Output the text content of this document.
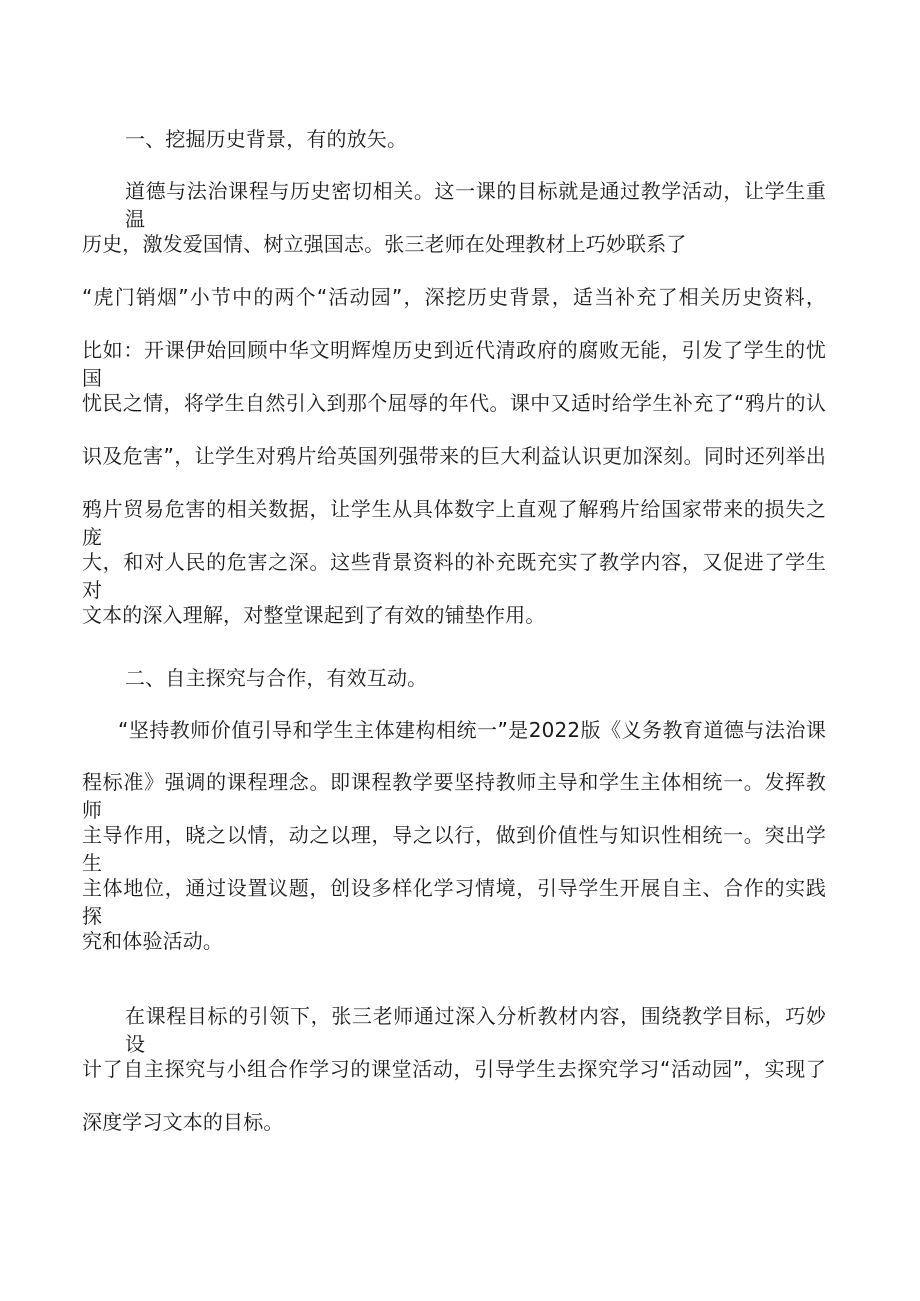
一、挖掘历史背景，有的放矢。
道德与法治课程与历史密切相关。这一课的目标就是通过教学活动，让学生重温
历史，激发爱国情、树立强国志。张三老师在处理教材上巧妙联系了
“虎门销烟”小节中的两个“活动园”，深挖历史背景，适当补充了相关历史资料，
比如：开课伊始回顾中华文明辉煌历史到近代清政府的腐败无能，引发了学生的忧国
忧民之情，将学生自然引入到那个屈辱的年代。课中又适时给学生补充了“鸦片的认
识及危害”，让学生对鸦片给英国列强带来的巨大利益认识更加深刻。同时还列举出
鸦片贸易危害的相关数据，让学生从具体数字上直观了解鸦片给国家带来的损失之庞
大，和对人民的危害之深。这些背景资料的补充既充实了教学内容，又促进了学生对
文本的深入理解，对整堂课起到了有效的铺垫作用。
二、自主探究与合作，有效互动。
“坚持教师价值引导和学生主体建构相统一”是2022版《义务教育道德与法治课
程标准》强调的课程理念。即课程教学要坚持教师主导和学生主体相统一。发挥教师
主导作用，晓之以情，动之以理，导之以行，做到价值性与知识性相统一。突出学生
主体地位，通过设置议题，创设多样化学习情境，引导学生开展自主、合作的实践探
究和体验活动。
在课程目标的引领下，张三老师通过深入分析教材内容，围绕教学目标，巧妙设
计了自主探究与小组合作学习的课堂活动，引导学生去探究学习“活动园”，实现了
深度学习文本的目标。
